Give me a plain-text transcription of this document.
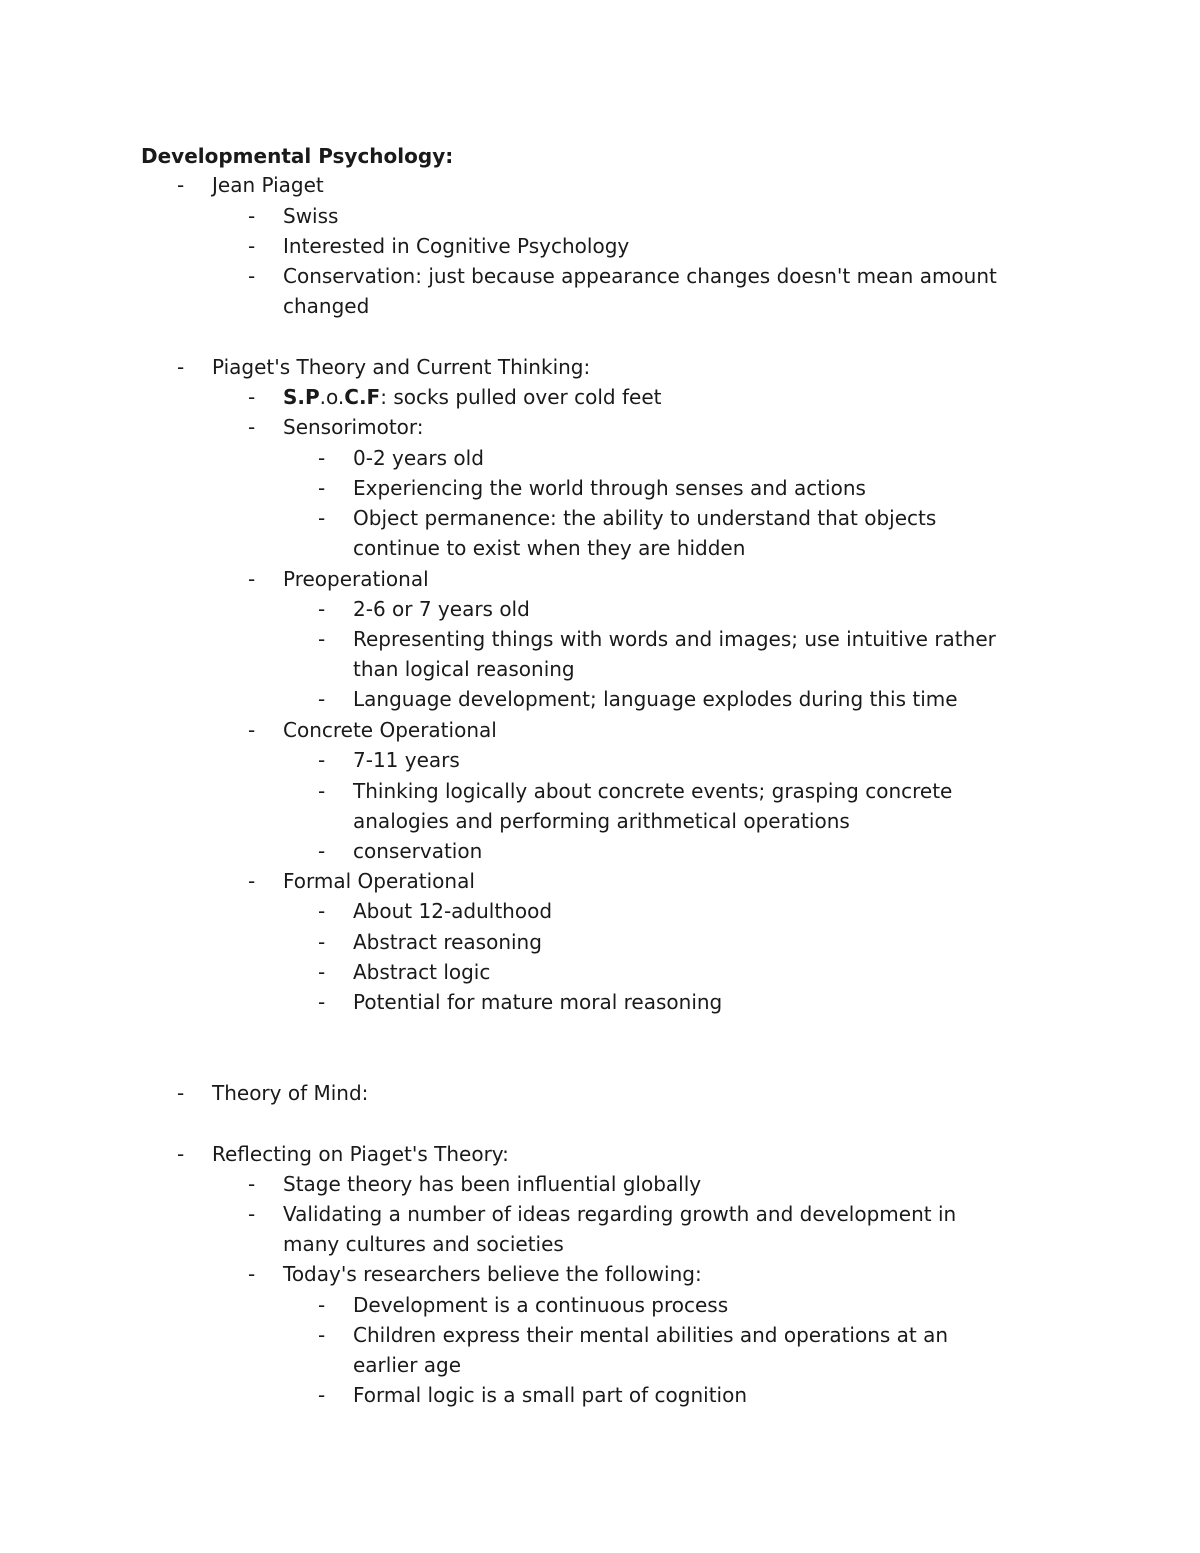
Developmental Psychology:
- Jean Piaget
- Swiss
- Interested in Cognitive Psychology
- Conservation: just because appearance changes doesn't mean amount
changed
- Piaget's Theory and Current Thinking:
- S.P.o.C.F: socks pulled over cold feet
- Sensorimotor:
- 0-2 years old
- Experiencing the world through senses and actions
- Object permanence: the ability to understand that objects
continue to exist when they are hidden
- Preoperational
- 2-6 or 7 years old
- Representing things with words and images; use intuitive rather
than logical reasoning
- Language development; language explodes during this time
- Concrete Operational
- 7-11 years
- Thinking logically about concrete events; grasping concrete
analogies and performing arithmetical operations
- conservation
- Formal Operational
- About 12-adulthood
- Abstract reasoning
- Abstract logic
- Potential for mature moral reasoning
- Theory of Mind:
- Reflecting on Piaget's Theory:
- Stage theory has been influential globally
- Validating a number of ideas regarding growth and development in
many cultures and societies
- Today's researchers believe the following:
- Development is a continuous process
- Children express their mental abilities and operations at an
earlier age
- Formal logic is a small part of cognition
